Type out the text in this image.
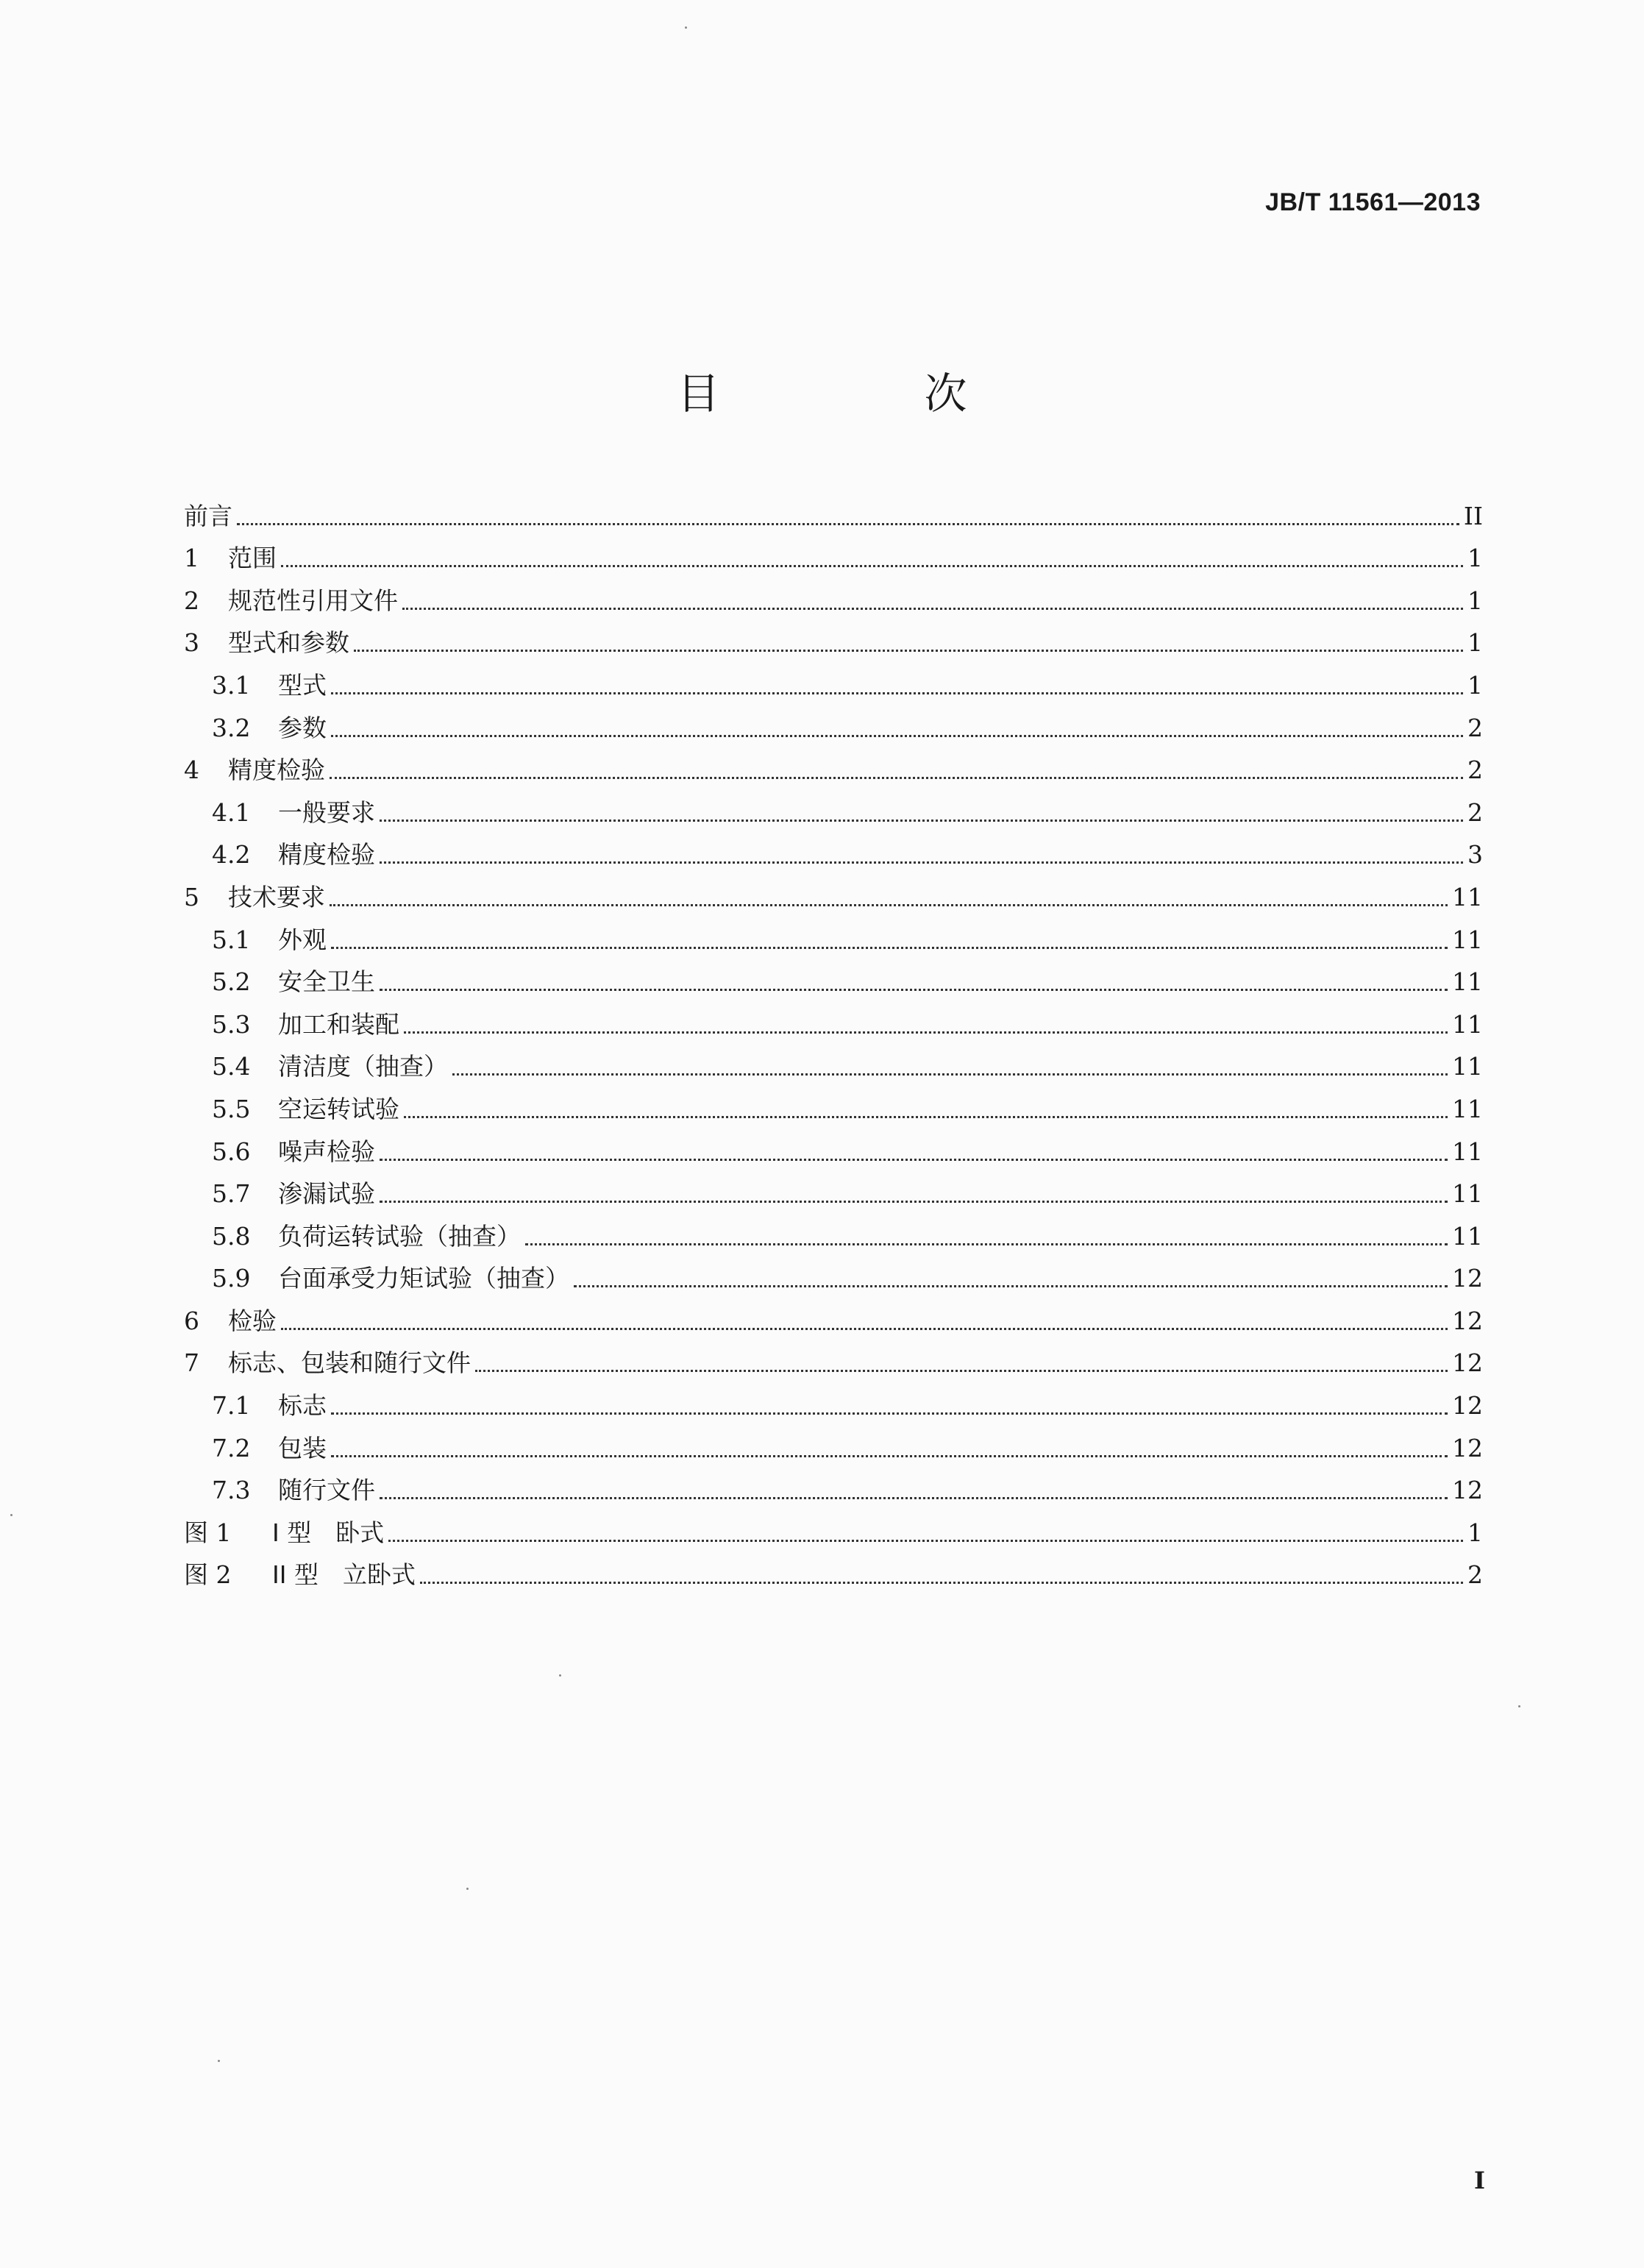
JB/T 11561—2013
目　次
前言	II
1	范围	1
2	规范性引用文件	1
3	型式和参数	1
3.1	型式	1
3.2	参数	2
4	精度检验	2
4.1	一般要求	2
4.2	精度检验	3
5	技术要求	11
5.1	外观	11
5.2	安全卫生	11
5.3	加工和装配	11
5.4	清洁度（抽查）	11
5.5	空运转试验	11
5.6	噪声检验	11
5.7	渗漏试验	11
5.8	负荷运转试验（抽查）	11
5.9	台面承受力矩试验（抽查）	12
6	检验	12
7	标志、包装和随行文件	12
7.1	标志	12
7.2	包装	12
7.3	随行文件	12
图 1	I 型　卧式	1
图 2	II 型　立卧式	2
I
